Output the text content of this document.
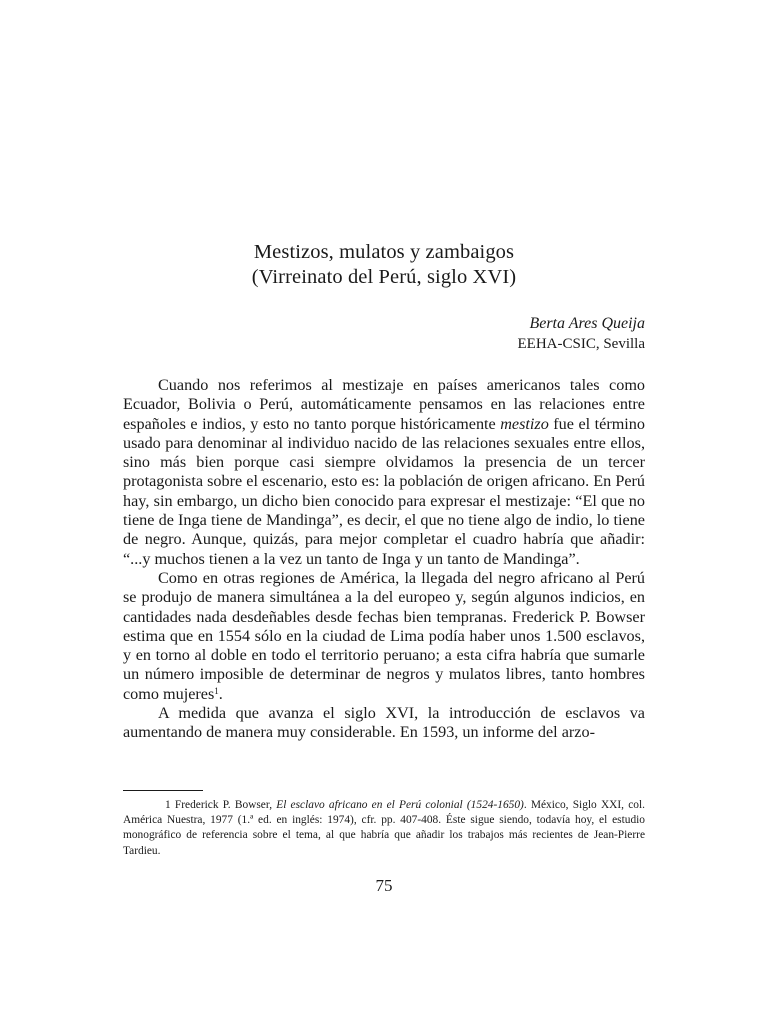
Mestizos, mulatos y zambaigos
(Virreinato del Perú, siglo XVI)
Berta Ares Queija
EEHA-CSIC, Sevilla

Cuando nos referimos al mestizaje en países americanos tales como Ecuador, Bolivia o Perú, automáticamente pensamos en las relaciones entre españoles e indios, y esto no tanto porque históricamente mestizo fue el término usado para denominar al individuo nacido de las relaciones sexuales entre ellos, sino más bien porque casi siempre olvidamos la presencia de un tercer protagonista sobre el escenario, esto es: la población de origen africano. En Perú hay, sin embargo, un dicho bien conocido para expresar el mestizaje: “El que no tiene de Inga tiene de Mandinga”, es decir, el que no tiene algo de indio, lo tiene de negro. Aunque, quizás, para mejor completar el cuadro habría que añadir: “...y muchos tienen a la vez un tanto de Inga y un tanto de Mandinga”.

Como en otras regiones de América, la llegada del negro africano al Perú se produjo de manera simultánea a la del europeo y, según algunos indicios, en cantidades nada desdeñables desde fechas bien tempranas. Frederick P. Bowser estima que en 1554 sólo en la ciudad de Lima podía haber unos 1.500 esclavos, y en torno al doble en todo el territorio peruano; a esta cifra habría que sumarle un número imposible de determinar de negros y mulatos libres, tanto hombres como mujeres$^1$.

A medida que avanza el siglo XVI, la introducción de esclavos va aumentando de manera muy considerable. En 1593, un informe del arzo-

1 Frederick P. Bowser, El esclavo africano en el Perú colonial (1524-1650). México, Siglo XXI, col. América Nuestra, 1977 (1.ª ed. en inglés: 1974), cfr. pp. 407-408. Éste sigue siendo, todavía hoy, el estudio monográfico de referencia sobre el tema, al que habría que añadir los trabajos más recientes de Jean-Pierre Tardieu.

75
